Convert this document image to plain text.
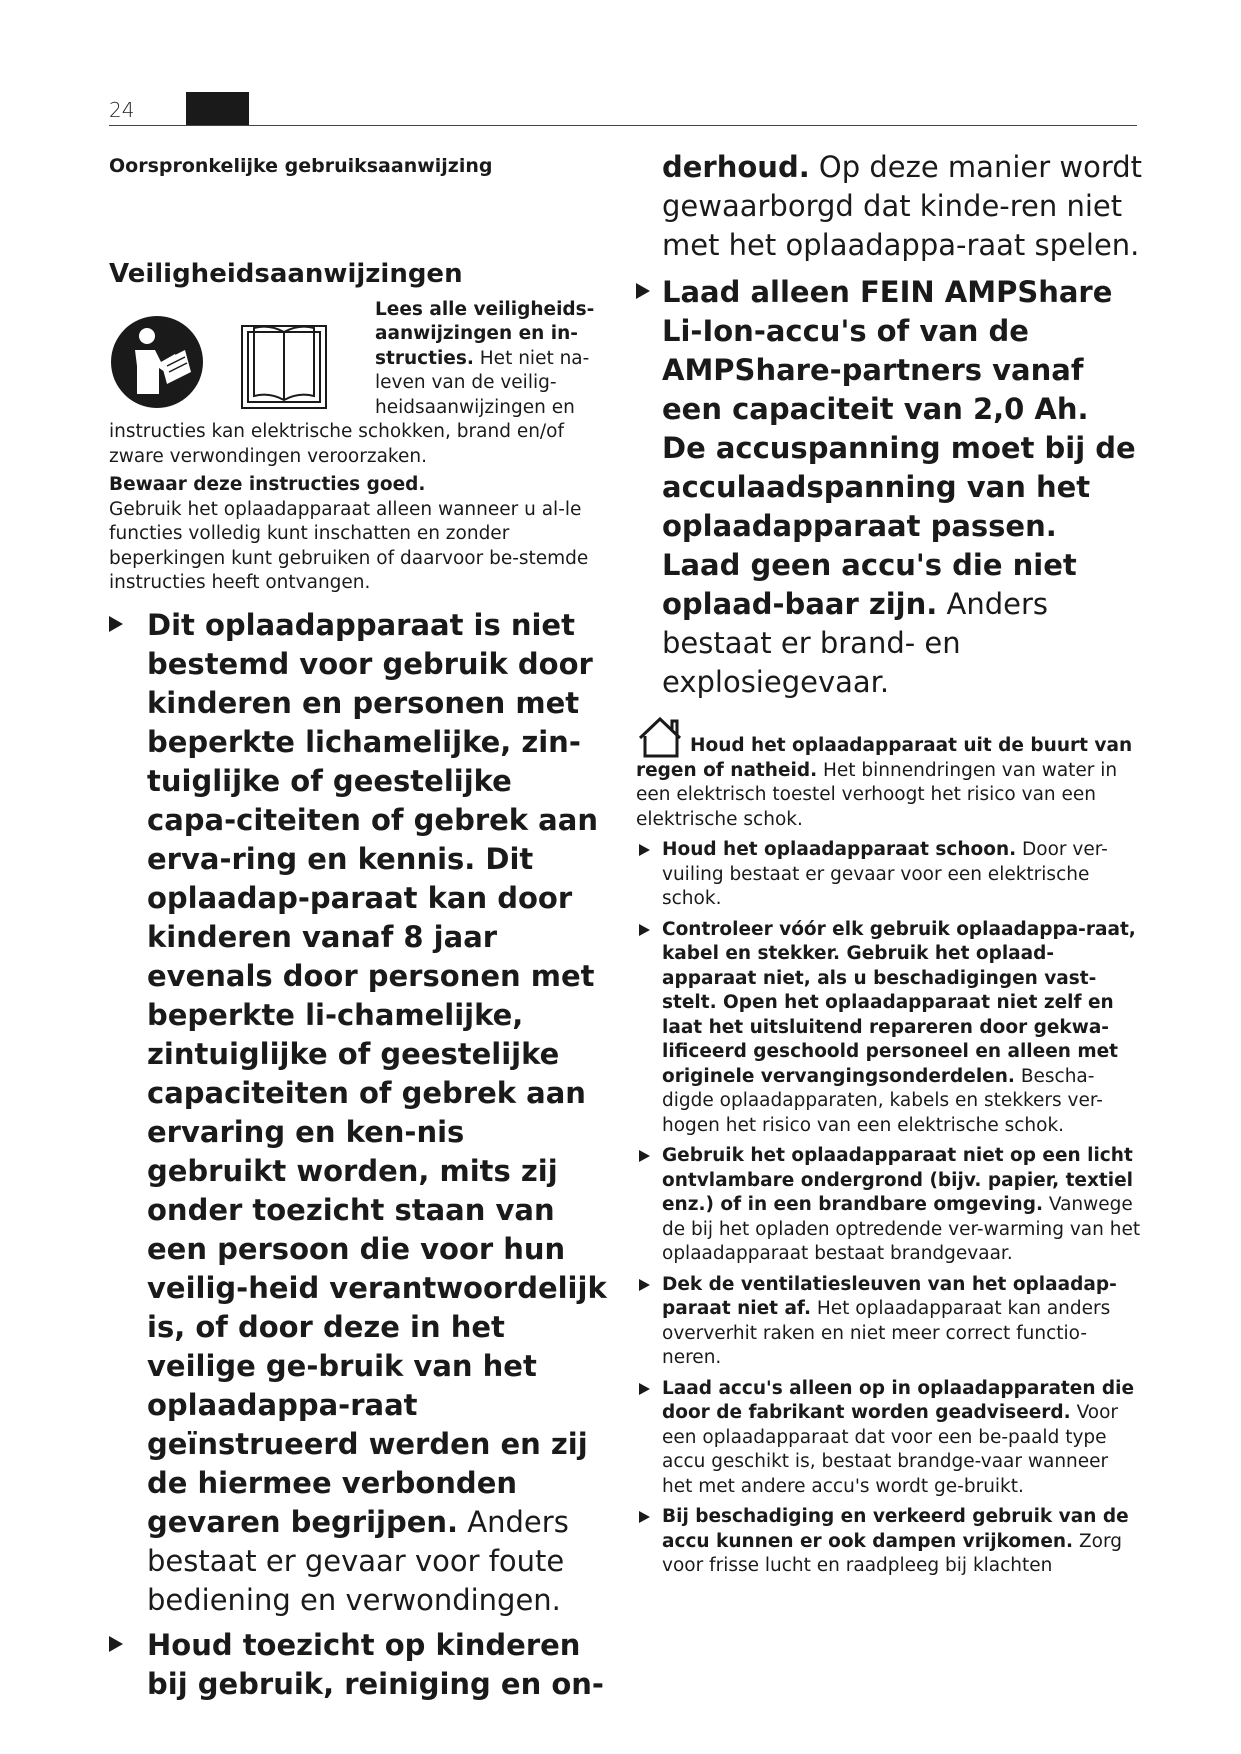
24
Oorspronkelijke gebruiksaanwijzing
Veiligheidsaanwijzingen

Lees alle veiligheids-aanwijzingen en in-structies. Het niet na-leven van de veilig-heidsaanwijzingen en

instructies kan elektrische schokken, brand en/of zware verwondingen veroorzaken.

Bewaar deze instructies goed.

Gebruik het oplaadapparaat alleen wanneer u al-le functies volledig kunt inschatten en zonder beperkingen kunt gebruiken of daarvoor be-stemde instructies heeft ontvangen.

Dit oplaadapparaat is niet bestemd voor gebruik door kinderen en personen met beperkte lichamelijke, zin-tuiglijke of geestelijke capa-citeiten of gebrek aan erva-ring en kennis. Dit oplaadap-paraat kan door kinderen vanaf 8 jaar evenals door personen met beperkte li-chamelijke, zintuiglijke of geestelijke capaciteiten of gebrek aan ervaring en ken-nis gebruikt worden, mits zij onder toezicht staan van een persoon die voor hun veilig-heid verantwoordelijk is, of door deze in het veilige ge-bruik van het oplaadappa-raat geïnstrueerd werden en zij de hiermee verbonden gevaren begrijpen. Anders bestaat er gevaar voor foute bediening en verwondingen.

Houd toezicht op kinderen bij gebruik, reiniging en on-

derhoud. Op deze manier wordt gewaarborgd dat kinde-ren niet met het oplaadappa-raat spelen.

Laad alleen FEIN AMPShare Li-Ion-accu's of van de AMPShare-partners vanaf een capaciteit van 2,0 Ah. De accuspanning moet bij de acculaadspanning van het oplaadapparaat passen. Laad geen accu's die niet oplaad-baar zijn. Anders bestaat er brand- en explosiegevaar.

Houd het oplaadapparaat uit de buurt van regen of natheid. Het binnendringen van water in een elektrisch toestel verhoogt het risico van een elektrische schok.

Houd het oplaadapparaat schoon. Door ver-vuiling bestaat er gevaar voor een elektrische schok.

Controleer vóór elk gebruik oplaadappa-raat, kabel en stekker. Gebruik het oplaad-apparaat niet, als u beschadigingen vast-stelt. Open het oplaadapparaat niet zelf en laat het uitsluitend repareren door gekwa-lificeerd geschoold personeel en alleen met originele vervangingsonderdelen. Bescha-digde oplaadapparaten, kabels en stekkers ver-hogen het risico van een elektrische schok.

Gebruik het oplaadapparaat niet op een licht ontvlambare ondergrond (bijv. papier, textiel enz.) of in een brandbare omgeving. Vanwege de bij het opladen optredende ver-warming van het oplaadapparaat bestaat brandgevaar.

Dek de ventilatiesleuven van het oplaadap-paraat niet af. Het oplaadapparaat kan anders oververhit raken en niet meer correct functio-neren.

Laad accu's alleen op in oplaadapparaten die door de fabrikant worden geadviseerd. Voor een oplaadapparaat dat voor een be-paald type accu geschikt is, bestaat brandge-vaar wanneer het met andere accu's wordt ge-bruikt.

Bij beschadiging en verkeerd gebruik van de accu kunnen er ook dampen vrijkomen. Zorg voor frisse lucht en raadpleeg bij klachten
